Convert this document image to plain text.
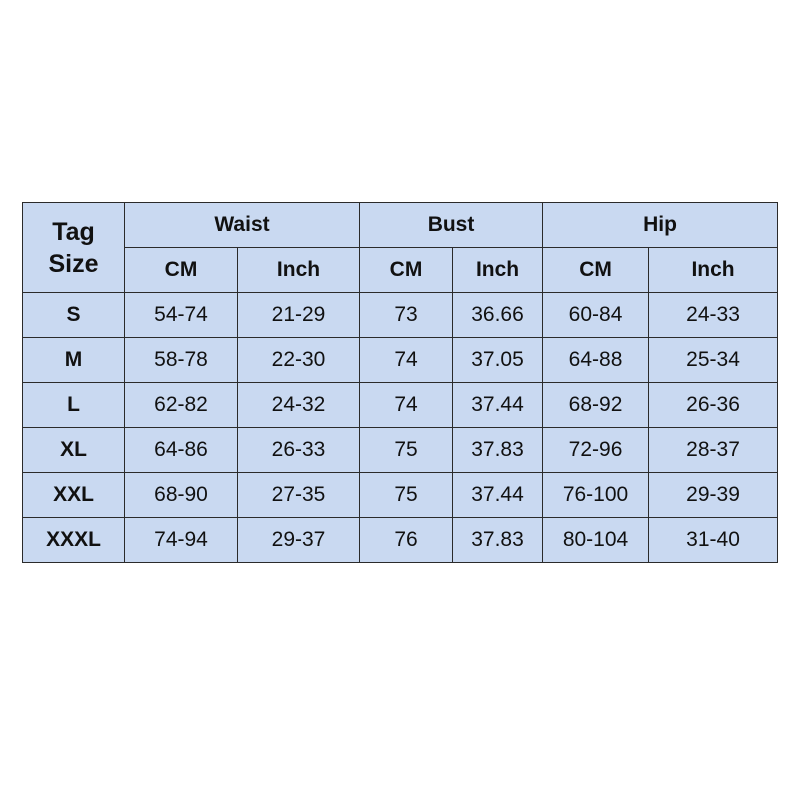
Tag
Size	Waist		Bust		Hip	
	CM	Inch	CM	Inch	CM	Inch
S	54-74	21-29	73	36.66	60-84	24-33
M	58-78	22-30	74	37.05	64-88	25-34
L	62-82	24-32	74	37.44	68-92	26-36
XL	64-86	26-33	75	37.83	72-96	28-37
XXL	68-90	27-35	75	37.44	76-100	29-39
XXXL	74-94	29-37	76	37.83	80-104	31-40
